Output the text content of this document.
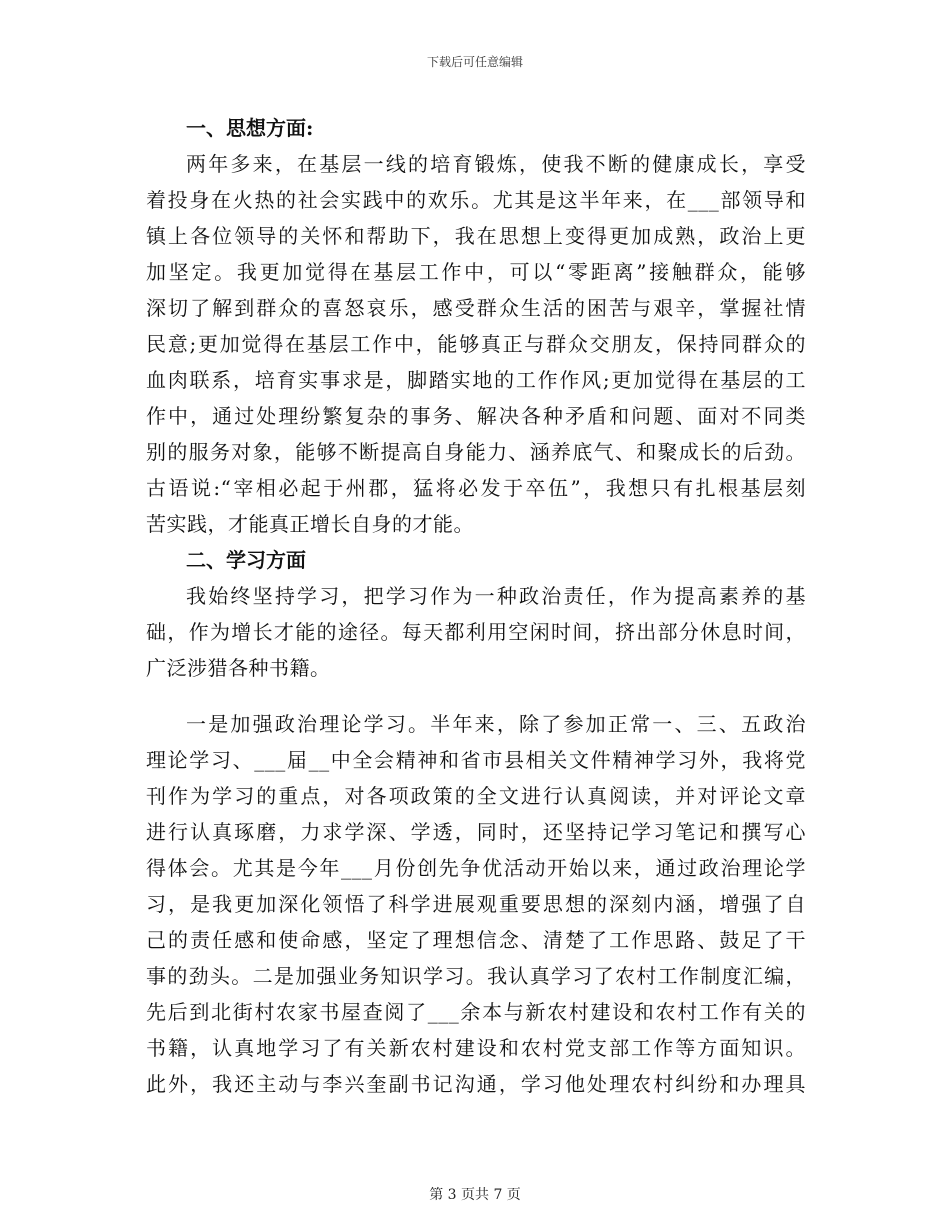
下载后可任意编辑
一、思想方面:
两年多来，在基层一线的培育锻炼，使我不断的健康成长，享受
着投身在火热的社会实践中的欢乐。尤其是这半年来，在___部领导和
镇上各位领导的关怀和帮助下，我在思想上变得更加成熟，政治上更
加坚定。我更加觉得在基层工作中，可以“零距离”接触群众，能够
深切了解到群众的喜怒哀乐，感受群众生活的困苦与艰辛，掌握社情
民意;更加觉得在基层工作中，能够真正与群众交朋友，保持同群众的
血肉联系，培育实事求是，脚踏实地的工作作风;更加觉得在基层的工
作中，通过处理纷繁复杂的事务、解决各种矛盾和问题、面对不同类
别的服务对象，能够不断提高自身能力、涵养底气、和聚成长的后劲。
古语说:“宰相必起于州郡，猛将必发于卒伍”，我想只有扎根基层刻
苦实践，才能真正增长自身的才能。
二、学习方面
我始终坚持学习，把学习作为一种政治责任，作为提高素养的基
础，作为增长才能的途径。每天都利用空闲时间，挤出部分休息时间，
广泛涉猎各种书籍。
一是加强政治理论学习。半年来，除了参加正常一、三、五政治
理论学习、___届__中全会精神和省市县相关文件精神学习外，我将党
刊作为学习的重点，对各项政策的全文进行认真阅读，并对评论文章
进行认真琢磨，力求学深、学透，同时，还坚持记学习笔记和撰写心
得体会。尤其是今年___月份创先争优活动开始以来，通过政治理论学
习，是我更加深化领悟了科学进展观重要思想的深刻内涵，增强了自
己的责任感和使命感，坚定了理想信念、清楚了工作思路、鼓足了干
事的劲头。二是加强业务知识学习。我认真学习了农村工作制度汇编，
先后到北街村农家书屋查阅了___余本与新农村建设和农村工作有关的
书籍，认真地学习了有关新农村建设和农村党支部工作等方面知识。
此外，我还主动与李兴奎副书记沟通，学习他处理农村纠纷和办理具
第 3 页共 7 页
